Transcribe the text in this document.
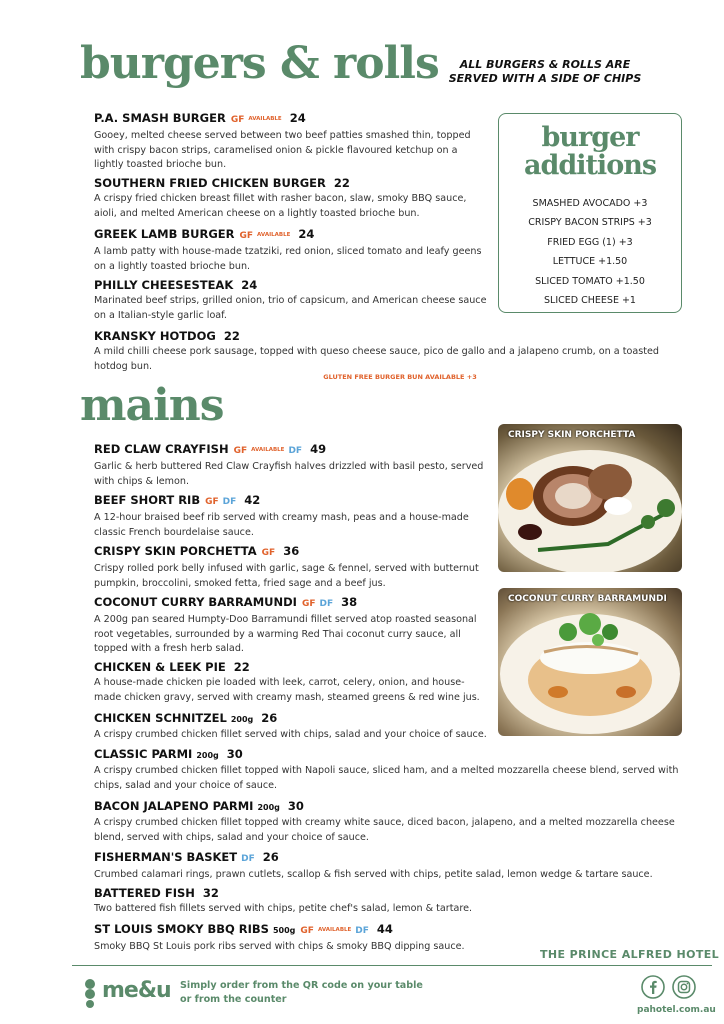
burgers & rolls	ALL BURGERS & ROLLS ARE SERVED WITH A SIDE OF CHIPS
P.A. SMASH BURGER GF AVAILABLE 24
Gooey, melted cheese served between two beef patties smashed thin, topped with crispy bacon strips, caramelised onion & pickle flavoured ketchup on a lightly toasted brioche bun.
SOUTHERN FRIED CHICKEN BURGER 22
A crispy fried chicken breast fillet with rasher bacon, slaw, smoky BBQ sauce, aioli, and melted American cheese on a lightly toasted brioche bun.
GREEK LAMB BURGER GF AVAILABLE 24
A lamb patty with house-made tzatziki, red onion, sliced tomato and leafy geens on a lightly toasted brioche bun.
PHILLY CHEESESTEAK 24
Marinated beef strips, grilled onion, trio of capsicum, and American cheese sauce on a Italian-style garlic loaf.
KRANSKY HOTDOG 22
A mild chilli cheese pork sausage, topped with queso cheese sauce, pico de gallo and a jalapeno crumb, on a toasted hotdog bun.
burger
additions
SMASHED AVOCADO +3
CRISPY BACON STRIPS +3
FRIED EGG (1) +3
LETTUCE +1.50
SLICED TOMATO +1.50
SLICED CHEESE +1
GLUTEN FREE BURGER BUN AVAILABLE +3
mains
RED CLAW CRAYFISH GF AVAILABLE DF 49
Garlic & herb buttered Red Claw Crayfish halves drizzled with basil pesto, served with chips & lemon.
BEEF SHORT RIB GF DF 42
A 12-hour braised beef rib served with creamy mash, peas and a house-made classic French bourdelaise sauce.
CRISPY SKIN PORCHETTA GF 36
Crispy rolled pork belly infused with garlic, sage & fennel, served with butternut pumpkin, broccolini, smoked fetta, fried sage and a beef jus.
COCONUT CURRY BARRAMUNDI GF DF 38
A 200g pan seared Humpty-Doo Barramundi fillet served atop roasted seasonal root vegetables, surrounded by a warming Red Thai coconut curry sauce, all topped with a fresh herb salad.
CHICKEN & LEEK PIE 22
A house-made chicken pie loaded with leek, carrot, celery, onion, and house-made chicken gravy, served with creamy mash, steamed greens & red wine jus.
CHICKEN SCHNITZEL 200g 26
A crispy crumbed chicken fillet served with chips, salad and your choice of sauce.
CLASSIC PARMI 200g 30
A crispy crumbed chicken fillet topped with Napoli sauce, sliced ham, and a melted mozzarella cheese blend, served with chips, salad and your choice of sauce.
BACON JALAPENO PARMI 200g 30
A crispy crumbed chicken fillet topped with creamy white sauce, diced bacon, jalapeno, and a melted mozzarella cheese blend, served with chips, salad and your choice of sauce.
FISHERMAN'S BASKET DF 26
Crumbed calamari rings, prawn cutlets, scallop & fish served with chips, petite salad, lemon wedge & tartare sauce.
BATTERED FISH 32
Two battered fish fillets served with chips, petite chef's salad, lemon & tartare.
ST LOUIS SMOKY BBQ RIBS 500g GF AVAILABLE DF 44
Smoky BBQ St Louis pork ribs served with chips & smoky BBQ dipping sauce.
CRISPY SKIN PORCHETTA
COCONUT CURRY BARRAMUNDI
THE PRINCE ALFRED HOTEL
me&u Simply order from the QR code on your table
or from the counter
pahotel.com.au
